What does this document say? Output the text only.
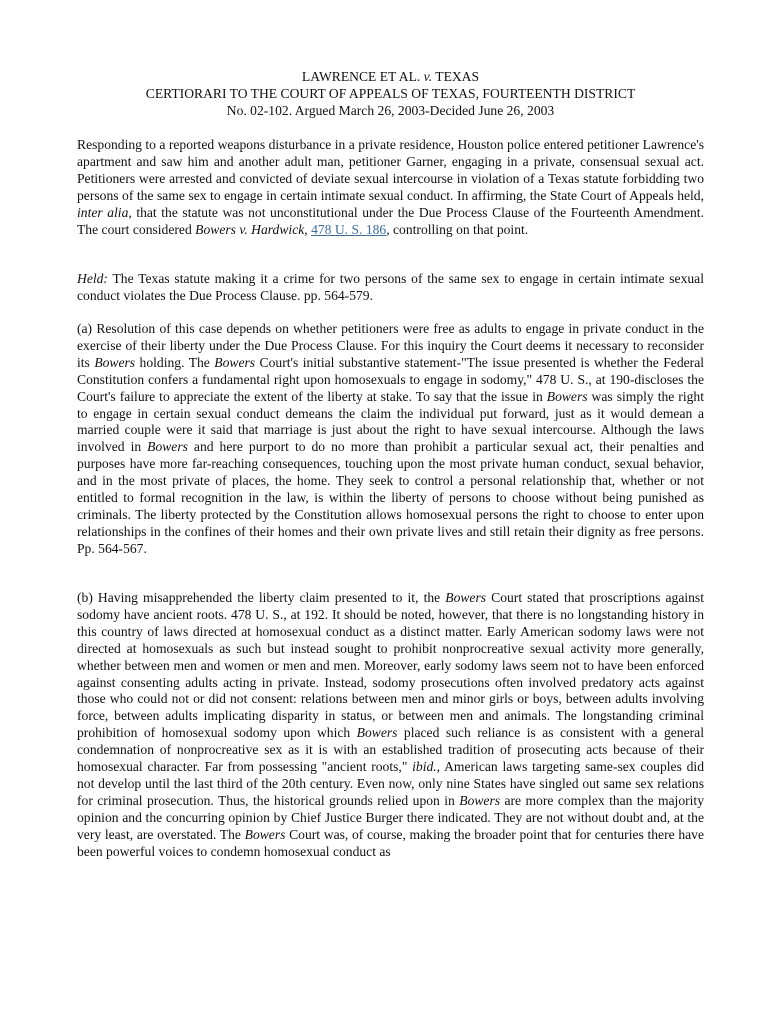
LAWRENCE ET AL. v. TEXAS
CERTIORARI TO THE COURT OF APPEALS OF TEXAS, FOURTEENTH DISTRICT
No. 02-102. Argued March 26, 2003-Decided June 26, 2003

Responding to a reported weapons disturbance in a private residence, Houston police entered petitioner Lawrence's apartment and saw him and another adult man, petitioner Garner, engaging in a private, consensual sexual act. Petitioners were arrested and convicted of deviate sexual intercourse in violation of a Texas statute forbidding two persons of the same sex to engage in certain intimate sexual conduct. In affirming, the State Court of Appeals held, inter alia, that the statute was not unconstitutional under the Due Process Clause of the Fourteenth Amendment. The court considered Bowers v. Hardwick, 478 U. S. 186, controlling on that point.

Held: The Texas statute making it a crime for two persons of the same sex to engage in certain intimate sexual conduct violates the Due Process Clause. pp. 564-579.

(a) Resolution of this case depends on whether petitioners were free as adults to engage in private conduct in the exercise of their liberty under the Due Process Clause. For this inquiry the Court deems it necessary to reconsider its Bowers holding. The Bowers Court's initial substantive statement-"The issue presented is whether the Federal Constitution confers a fundamental right upon homosexuals to engage in sodomy," 478 U. S., at 190-discloses the Court's failure to appreciate the extent of the liberty at stake. To say that the issue in Bowers was simply the right to engage in certain sexual conduct demeans the claim the individual put forward, just as it would demean a married couple were it said that marriage is just about the right to have sexual intercourse. Although the laws involved in Bowers and here purport to do no more than prohibit a particular sexual act, their penalties and purposes have more far-reaching consequences, touching upon the most private human conduct, sexual behavior, and in the most private of places, the home. They seek to control a personal relationship that, whether or not entitled to formal recognition in the law, is within the liberty of persons to choose without being punished as criminals. The liberty protected by the Constitution allows homosexual persons the right to choose to enter upon relationships in the confines of their homes and their own private lives and still retain their dignity as free persons. Pp. 564-567.

(b) Having misapprehended the liberty claim presented to it, the Bowers Court stated that proscriptions against sodomy have ancient roots. 478 U. S., at 192. It should be noted, however, that there is no longstanding history in this country of laws directed at homosexual conduct as a distinct matter. Early American sodomy laws were not directed at homosexuals as such but instead sought to prohibit nonprocreative sexual activity more generally, whether between men and women or men and men. Moreover, early sodomy laws seem not to have been enforced against consenting adults acting in private. Instead, sodomy prosecutions often involved predatory acts against those who could not or did not consent: relations between men and minor girls or boys, between adults involving force, between adults implicating disparity in status, or between men and animals. The longstanding criminal prohibition of homosexual sodomy upon which Bowers placed such reliance is as consistent with a general condemnation of nonprocreative sex as it is with an established tradition of prosecuting acts because of their homosexual character. Far from possessing "ancient roots," ibid., American laws targeting same-sex couples did not develop until the last third of the 20th century. Even now, only nine States have singled out same sex relations for criminal prosecution. Thus, the historical grounds relied upon in Bowers are more complex than the majority opinion and the concurring opinion by Chief Justice Burger there indicated. They are not without doubt and, at the very least, are overstated. The Bowers Court was, of course, making the broader point that for centuries there have been powerful voices to condemn homosexual conduct as
